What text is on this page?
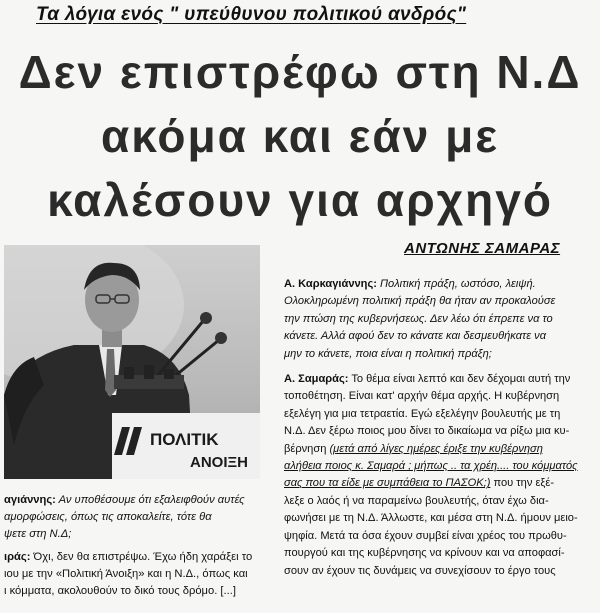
Τα λόγια ενός " υπεύθυνου πολιτικού ανδρός"
Δεν επιστρέφω στη Ν.Δ
ακόμα και εάν με
καλέσουν για αρχηγό
ΑΝΤΩΝΗΣ ΣΑΜΑΡΑΣ
ΠΟΛΙΤΙΚ
ΑΝΟΙΞΗ
αγιάννης: Αν υποθέσουμε ότι εξαλειφθούν αυτές
αμορφώσεις, όπως τις αποκαλείτε, τότε θα
ψετε στη Ν.Δ;
ιράς: Όχι, δεν θα επιστρέψω. Έχω ήδη χαράξει το
ιου με την «Πολιτική Άνοιξη» και η Ν.Δ., όπως και
ι κόμματα, ακολουθούν το δικό τους δρόμο. [...]

Α. Καρκαγιάννης: Πολιτική πράξη, ωστόσο, λειψή.
Ολοκληρωμένη πολιτική πράξη θα ήταν αν προκαλούσε
την πτώση της κυβερνήσεως. Δεν λέω ότι έπρεπε να το
κάνετε. Αλλά αφού δεν το κάνατε και δεσμευθήκατε να
μην το κάνετε, ποια είναι η πολιτική πράξη;

Α. Σαμαράς: Το θέμα είναι λεπτό και δεν δέχομαι αυτή την
τοποθέτηση. Είναι κατ' αρχήν θέμα αρχής. Η κυβέρνηση
εξελέγη για μια τετραετία. Εγώ εξελέγην βουλευτής με τη
Ν.Δ. Δεν ξέρω ποιος μου δίνει το δικαίωμα να ρίξω μια κυ-
βέρνηση (μετά από λίγες ημέρες έριξε την κυβέρνηση
αλήθεια ποιος κ. Σαμαρά ; μήπως .. τα χρέη.... του κόμματός
σας που τα είδε με συμπάθεια το ΠΑΣΟΚ;) που την εξέ-
λεξε ο λαός ή να παραμείνω βουλευτής, όταν έχω δια-
φωνήσει με τη Ν.Δ. Άλλωστε, και μέσα στη Ν.Δ. ήμουν μειο-
ψηφία. Μετά τα όσα έχουν συμβεί είναι χρέος του πρωθυ-
πουργού και της κυβέρνησης να κρίνουν και να αποφασί-
σουν αν έχουν τις δυνάμεις να συνεχίσουν το έργο τους
